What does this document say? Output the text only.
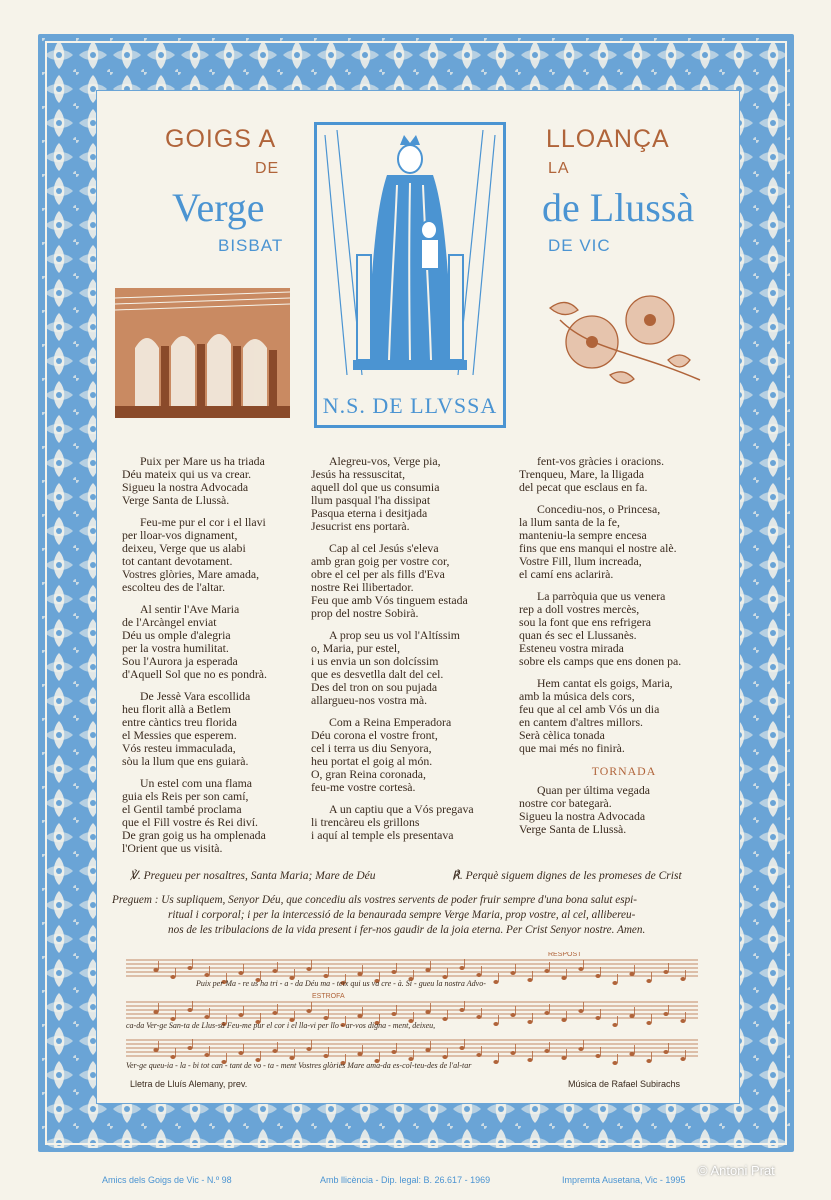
GOIGS A
DE
Verge
BISBAT
LLOANÇA
LA
de Llussà
DE VIC
N.S. DE LLVSSA
Puix per Mare us ha triada
Déu mateix qui us va crear.
Sigueu la nostra Advocada
Verge Santa de Llussà.
Feu-me pur el cor i el llavi
per lloar-vos dignament,
deixeu, Verge que us alabi
tot cantant devotament.
Vostres glòries, Mare amada,
escolteu des de l'altar.
Al sentir l'Ave Maria
de l'Arcàngel enviat
Déu us omple d'alegria
per la vostra humilitat.
Sou l'Aurora ja esperada
d'Aquell Sol que no es pondrà.
De Jessè Vara escollida
heu florit allà a Betlem
entre càntics treu florida
el Messies que esperem.
Vós resteu immaculada,
sòu la llum que ens guiarà.
Un estel com una flama
guia els Reis per son camí,
el Gentil també proclama
que el Fill vostre és Rei diví.
De gran goig us ha omplenada
l'Orient que us visità.
Alegreu-vos, Verge pia,
Jesús ha ressuscitat,
aquell dol que us consumia
llum pasqual l'ha dissipat
Pasqua eterna i desitjada
Jesucrist ens portarà.
Cap al cel Jesús s'eleva
amb gran goig per vostre cor,
obre el cel per als fills d'Eva
nostre Rei llibertador.
Feu que amb Vós tinguem estada
prop del nostre Sobirà.
A prop seu us vol l'Altíssim
o, Maria, pur estel,
i us envia un son dolcíssim
que es desvetlla dalt del cel.
Des del tron on sou pujada
allargueu-nos vostra mà.
Com a Reina Emperadora
Déu corona el vostre front,
cel i terra us diu Senyora,
heu portat el goig al món.
O, gran Reina coronada,
feu-me vostre cortesà.
A un captiu que a Vós pregava
li trencàreu els grillons
i aquí al temple els presentava
fent-vos gràcies i oracions.
Trenqueu, Mare, la lligada
del pecat que esclaus en fa.
Concediu-nos, o Princesa,
la llum santa de la fe,
manteniu-la sempre encesa
fins que ens manqui el nostre alè.
Vostre Fill, llum increada,
el camí ens aclarirà.
La parròquia que us venera
rep a doll vostres mercès,
sou la font que ens refrigera
quan és sec el Llussanès.
Esteneu vostra mirada
sobre els camps que ens donen pa.
Hem cantat els goigs, Maria,
amb la música dels cors,
feu que al cel amb Vós un dia
en cantem d'altres millors.
Serà cèlica tonada
que mai més no finirà.
TORNADA
Quan per última vegada
nostre cor bategarà.
Sigueu la nostra Advocada
Verge Santa de Llussà.
℣. Pregueu per nosaltres, Santa Maria; Mare de Déu	℟. Perquè siguem dignes de les promeses de Crist
Preguem : Us supliquem, Senyor Déu, que concediu als vostres servents de poder fruir sempre d'una bona salut espi-
ritual i corporal; i per la intercessió de la benaurada sempre Verge Maria, prop vostre, al cel, allibereu-
nos de les tribulacions de la vida present i fer-nos gaudir de la joia eterna. Per Crist Senyor nostre. Amen.
RESPOST
ESTROFA
Puix per Ma - re us ha tri - a - da Déu ma - teix qui us va cre - à. Si - gueu la nostra Advo-
ca-da Ver-ge San-ta de Llus-sà Feu-me pur el cor i el lla-vi per llo - ar-vos digna - ment, deixeu,
Ver-ge queu-ia - la - bi tot can - tant de vo - ta - ment Vostres glòries Mare ama-da es-col-teu-des de l'al-tar
Lletra de Lluís Alemany, prev.	Música de Rafael Subirachs
Amics dels Goigs de Vic - N.º 98	Amb llicència - Dip. legal: B. 26.617 - 1969	Impremta Ausetana, Vic - 1995
© Antoni Prat
